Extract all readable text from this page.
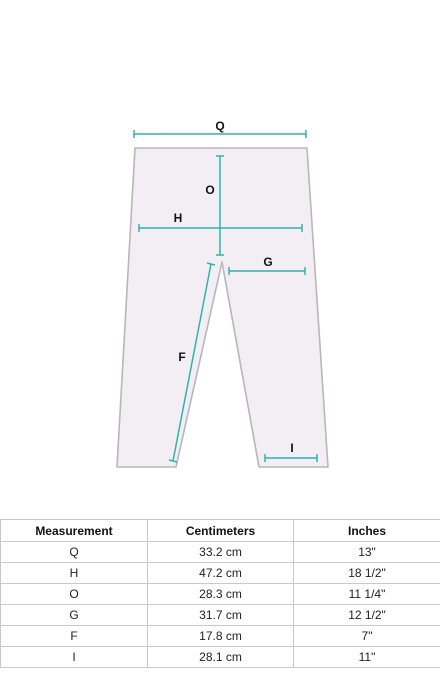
Q
O
H
G
F
I
Measurement	Centimeters	Inches
Q	33.2 cm	13"
H	47.2 cm	18 1/2"
O	28.3 cm	11 1/4"
G	31.7 cm	12 1/2"
F	17.8 cm	7"
I	28.1 cm	11"
